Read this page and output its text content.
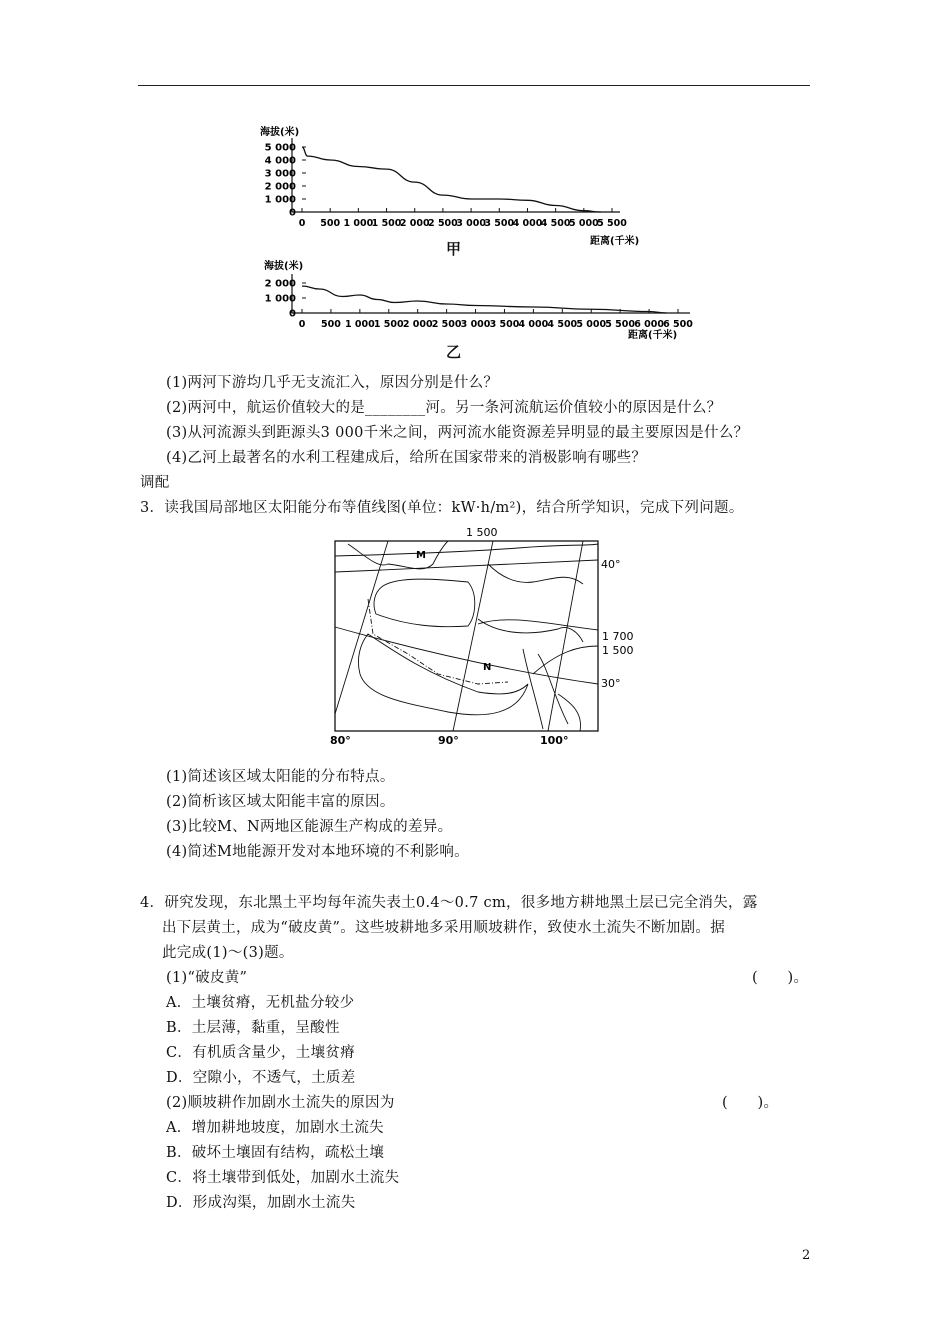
海拔(米)
5 000
4 000
3 000
2 000
1 000
0
0 500 1 000
1 500
2 000
2 500
3 000
3 500
4 000
4 500
5 000
5 500
距离(千米)
甲
海拔(米)
2 000
1 000
0
0 500 1 000 1 500 2 000 2 500 3 000 3 500 4 000 4 500 5 000 5 500 6 000 6 500
距离(千米)
乙
(1)两河下游均几乎无支流汇入，原因分别是什么？
(2)两河中，航运价值较大的是________河。另一条河流航运价值较小的原因是什么？
(3)从河流源头到距源头3 000千米之间，两河流水能资源差异明显的最主要原因是什么？
(4)乙河上最著名的水利工程建成后，给所在国家带来的消极影响有哪些？
调配
3．读我国局部地区太阳能分布等值线图(单位：kW·h/m²)，结合所学知识，完成下列问题。
1 500
40°
1 700
1 500
30°
80°	90°	100°
M
N
(1)简述该区域太阳能的分布特点。
(2)简析该区域太阳能丰富的原因。
(3)比较M、N两地区能源生产构成的差异。
(4)简述M地能源开发对本地环境的不利影响。
4．研究发现，东北黑土平均每年流失表土0.4～0.7 cm，很多地方耕地黑土层已完全消失，露
出下层黄土，成为“破皮黄”。这些坡耕地多采用顺坡耕作，致使水土流失不断加剧。据
此完成(1)～(3)题。
(1)“破皮黄”	(　　)。
A．土壤贫瘠，无机盐分较少
B．土层薄，黏重，呈酸性
C．有机质含量少，土壤贫瘠
D．空隙小，不透气，土质差
(2)顺坡耕作加剧水土流失的原因为	(　　)。
A．增加耕地坡度，加剧水土流失
B．破坏土壤固有结构，疏松土壤
C．将土壤带到低处，加剧水土流失
D．形成沟渠，加剧水土流失
2
